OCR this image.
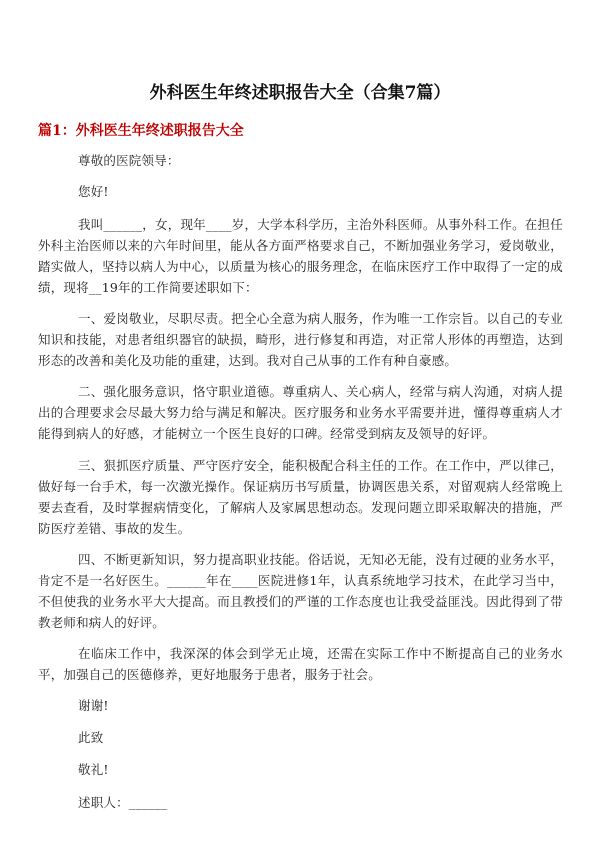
外科医生年终述职报告大全（合集7篇）
篇1：外科医生年终述职报告大全
尊敬的医院领导：
您好!
我叫______，女，现年____岁，大学本科学历，主治外科医师。从事外科工作。在担任外科主治医师以来的六年时间里，能从各方面严格要求自己，不断加强业务学习，爱岗敬业，踏实做人，坚持以病人为中心，以质量为核心的服务理念，在临床医疗工作中取得了一定的成绩，现将__19年的工作简要述职如下：
一、爱岗敬业，尽职尽责。把全心全意为病人服务，作为唯一工作宗旨。以自己的专业知识和技能，对患者组织器官的缺损，畸形，进行修复和再造，对正常人形体的再塑造，达到形态的改善和美化及功能的重建，达到。我对自己从事的工作有种自豪感。
二、强化服务意识，恪守职业道德。尊重病人、关心病人，经常与病人沟通，对病人提出的合理要求会尽最大努力给与满足和解决。医疗服务和业务水平需要并进，懂得尊重病人才能得到病人的好感，才能树立一个医生良好的口碑。经常受到病友及领导的好评。
三、狠抓医疗质量、严守医疗安全，能积极配合科主任的工作。在工作中，严以律己，做好每一台手术，每一次激光操作。保证病历书写质量，协调医患关系，对留观病人经常晚上要去查看，及时掌握病情变化，了解病人及家属思想动态。发现问题立即采取解决的措施，严防医疗差错、事故的发生。
四、不断更新知识，努力提高职业技能。俗话说，无知必无能，没有过硬的业务水平，肯定不是一名好医生。______年在____医院进修1年，认真系统地学习技术，在此学习当中，不但使我的业务水平大大提高。而且教授们的严谨的工作态度也让我受益匪浅。因此得到了带教老师和病人的好评。
在临床工作中，我深深的体会到学无止境，还需在实际工作中不断提高自己的业务水平，加强自己的医德修养，更好地服务于患者，服务于社会。
谢谢!
此致
敬礼!
述职人：______
